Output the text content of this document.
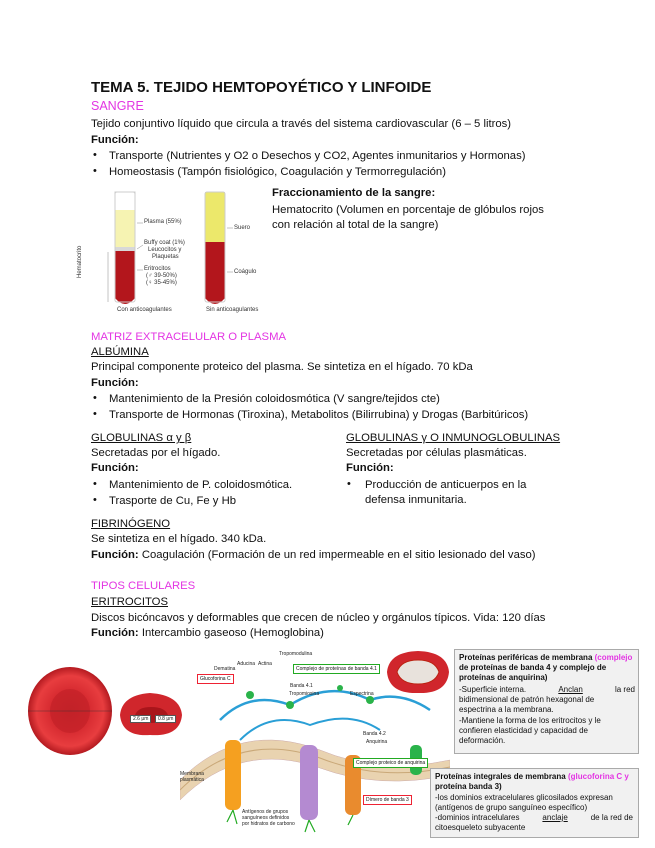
TEMA 5. TEJIDO HEMTOPOYÉTICO Y LINFOIDE
SANGRE
Tejido conjuntivo líquido que circula a través del sistema cardiovascular (6 – 5 litros)
Función:
• Transporte (Nutrientes y O2 o Desechos y CO2, Agentes inmunitarios y Hormonas)
• Homeostasis (Tampón fisiológico, Coagulación y Termorregulación)
Fraccionamiento de la sangre:
Hematocrito (Volumen en porcentaje de glóbulos rojos
con relación al total de la sangre)
Plasma (55%)
Buffy coat (1%)
Leucocitos y
Plaquetas
Eritrocitos
(♂ 39-50%)
(♀ 35-45%)
Hematocrito
Con anticoagulantes
Suero
Coágulo
Sin anticoagulantes
MATRIZ EXTRACELULAR O PLASMA
ALBÚMINA
Principal componente proteico del plasma. Se sintetiza en el hígado. 70 kDa
Función:
• Mantenimiento de la Presión coloidosmótica (V sangre/tejidos cte)
• Transporte de Hormonas (Tiroxina), Metabolitos (Bilirrubina) y Drogas (Barbitúricos)
GLOBULINAS α y β
Secretadas por el hígado.
Función:
• Mantenimiento de P. coloidosmótica.
• Trasporte de Cu, Fe y Hb
GLOBULINAS γ O INMUNOGLOBULINAS
Secretadas por células plasmáticas.
Función:
• Producción de anticuerpos en la
defensa inmunitaria.
FIBRINÓGENO
Se sintetiza en el hígado. 340 kDa.
Función: Coagulación (Formación de un red impermeable en el sitio lesionado del vaso)
TIPOS CELULARES
ERITROCITOS
Discos bicóncavos y deformables que crecen de núcleo y orgánulos típicos. Vida: 120 días
Función: Intercambio gaseoso (Hemoglobina)
2.6 μm	0.8 μm
Tropomodulina
Aducina Actina
Dematina	Complejo de proteínas de banda 4.1
Banda 4.1
Tropomiosina
Glucoforina C
Espectrina
Banda 4.2
Anquirina
Complejo proteico de anquirina
Membrana
plasmática
Dímero de banda 3
Antígenos de grupos
sanguíneos definidos
por hidratos de carbono
Proteínas periféricas de membrana (complejo
de proteínas de banda 4 y complejo de
proteínas de anquirina)
-Superficie interna.	Anclan	la red
bidimensional de patrón hexagonal de
espectrina a la membrana.
-Mantiene la forma de los eritrocitos y le
confieren elasticidad y capacidad de
deformación.
Proteínas integrales de membrana (glucoforina C y
proteína banda 3)
-los dominios extracelulares glicosilados expresan
(antígenos de grupo sanguíneo específico)
-dominios intracelulares	anclaje	de la red de
citoesqueleto subyacente
